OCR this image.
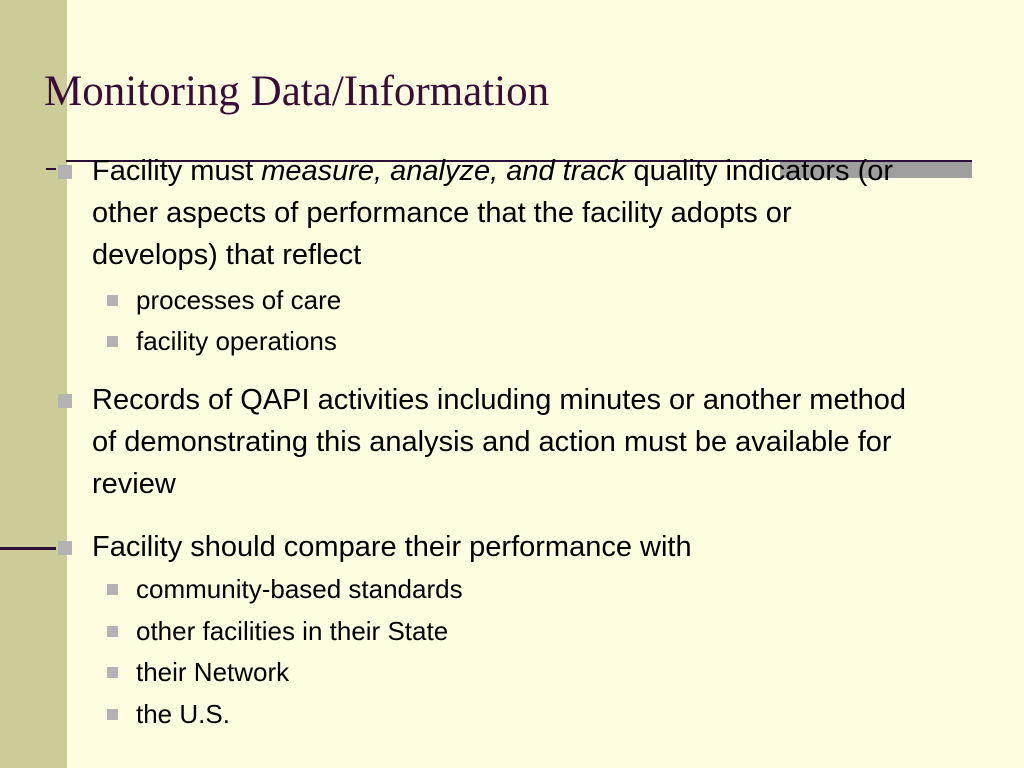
Monitoring Data/Information
Facility must measure, analyze, and track quality indicators (or other aspects of performance that the facility adopts or develops) that reflect
processes of care
facility operations
Records of QAPI activities including minutes or another method of demonstrating this analysis and action must be available for review
Facility should compare their performance with
community-based standards
other facilities in their State
their Network
the U.S.
